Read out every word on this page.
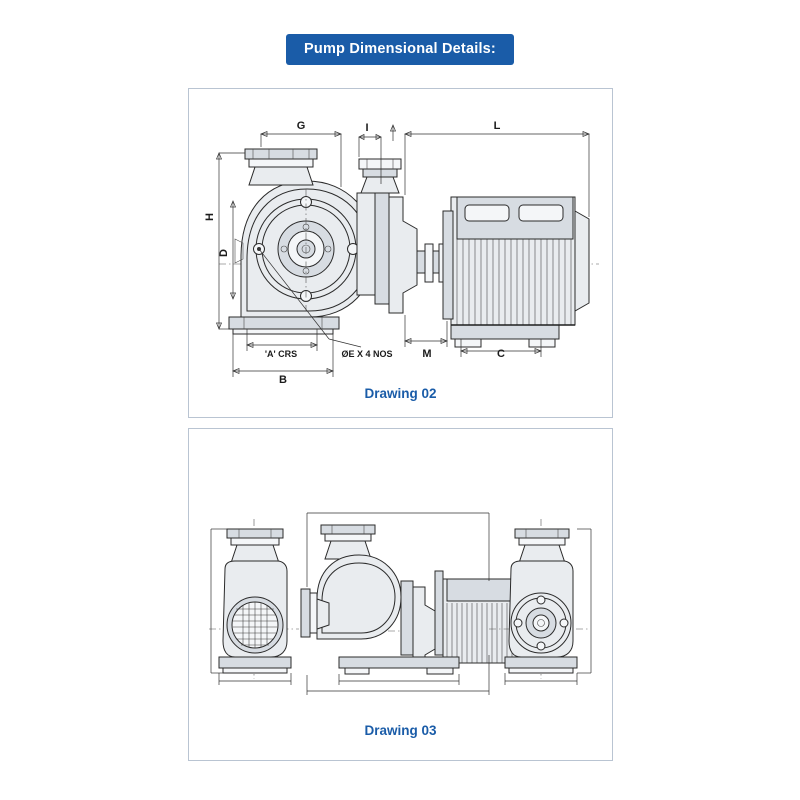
Pump Dimensional Details:
G	I	L
H
D
'A' CRS
B
ØE X 4 NOS	M	C
Drawing 02
Drawing 03
